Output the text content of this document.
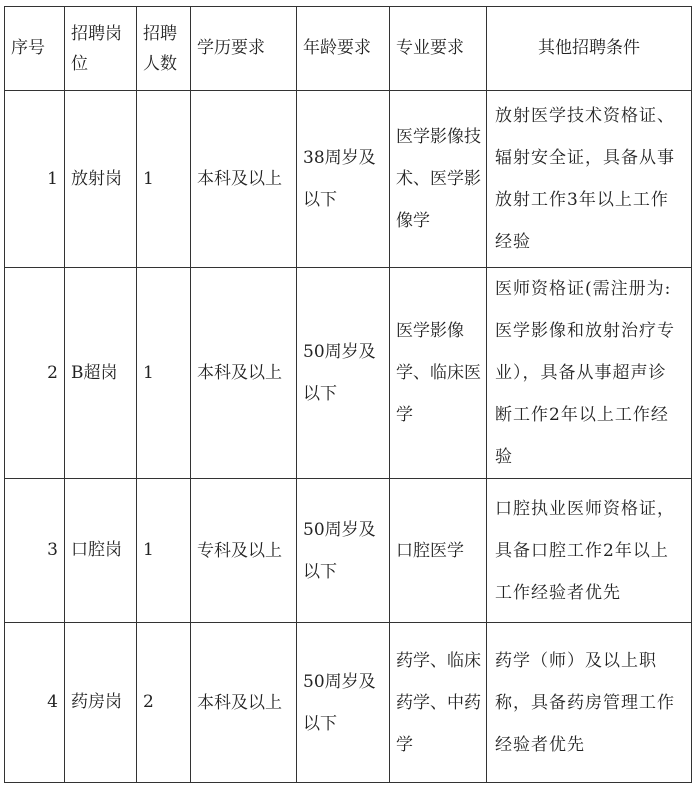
序号	招聘岗位	招聘人数	学历要求	年龄要求	专业要求	其他招聘条件
1	放射岗	1	本科及以上	38周岁及以下	医学影像技术、医学影像学	放射医学技术资格证、辐射安全证，具备从事放射工作3年以上工作经验
2	B超岗	1	本科及以上	50周岁及以下	医学影像学、临床医学	医师资格证(需注册为:医学影像和放射治疗专业），具备从事超声诊断工作2年以上工作经验
3	口腔岗	1	专科及以上	50周岁及以下	口腔医学	口腔执业医师资格证，具备口腔工作2年以上工作经验者优先
4	药房岗	2	本科及以上	50周岁及以下	药学、临床药学、中药学	药学（师）及以上职称，具备药房管理工作经验者优先
